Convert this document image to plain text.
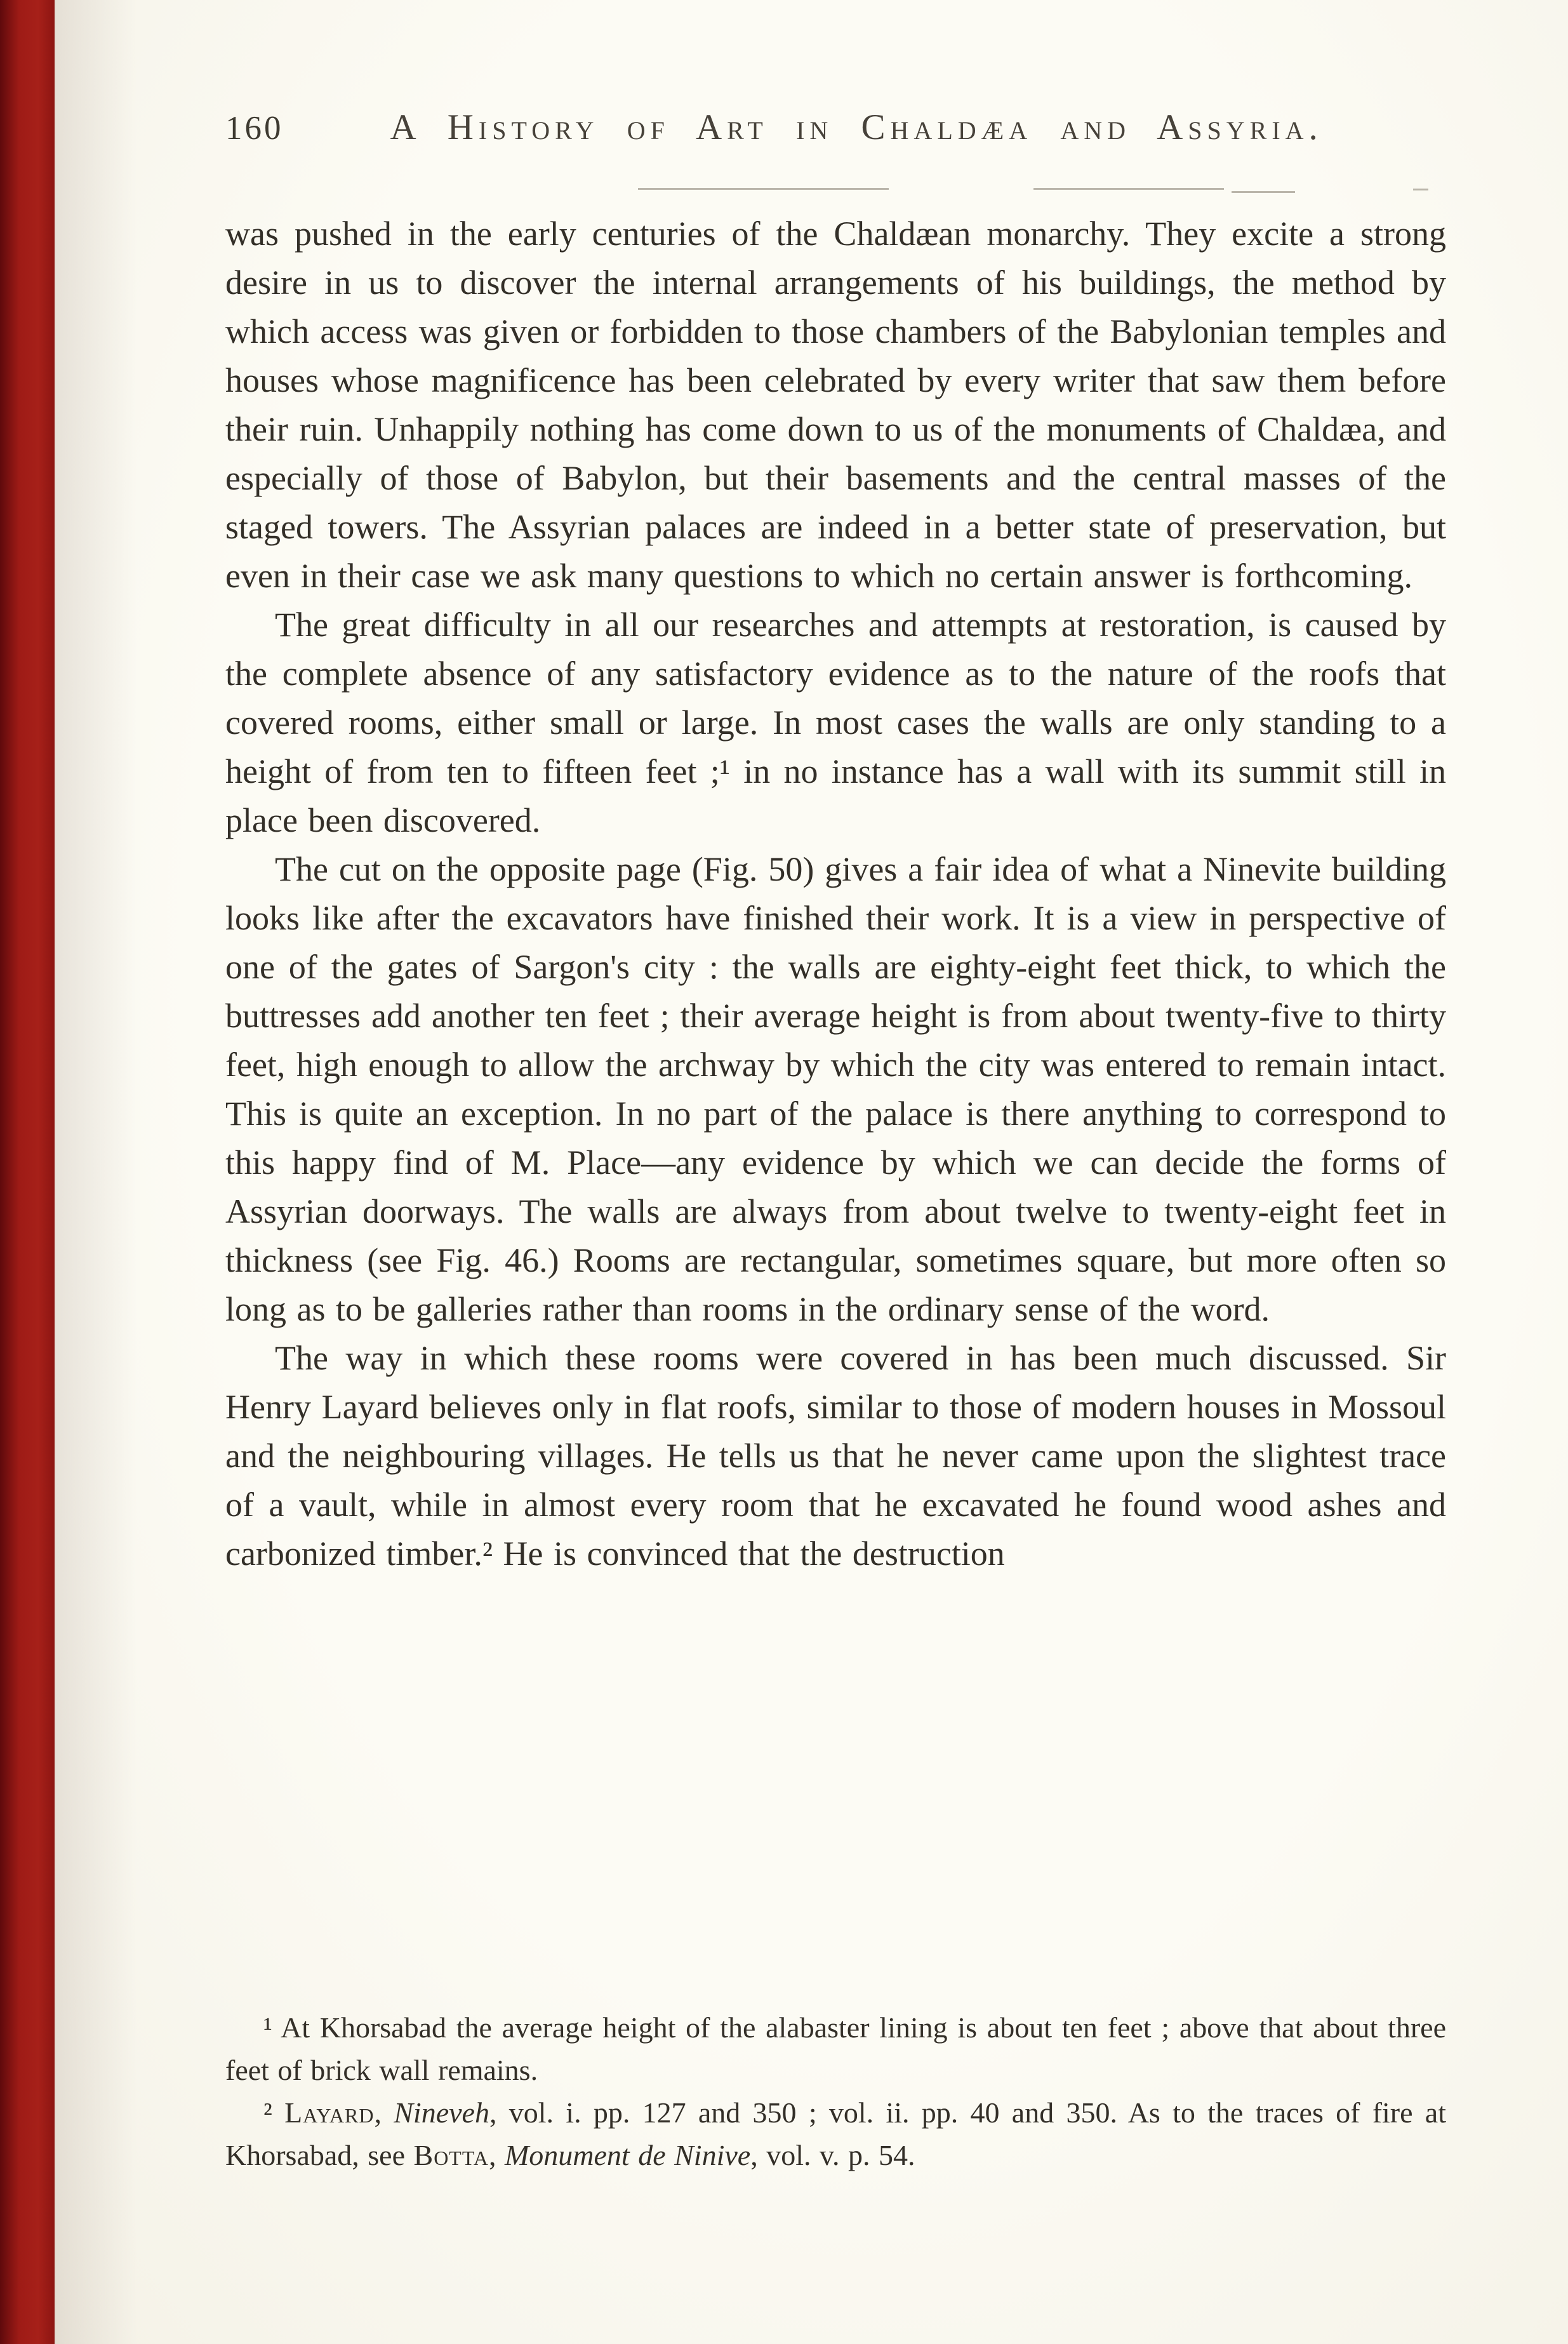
160	A History of Art in Chaldæa and Assyria.

was pushed in the early centuries of the Chaldæan monarchy. They excite a strong desire in us to discover the internal arrangements of his buildings, the method by which access was given or forbidden to those chambers of the Babylonian temples and houses whose magnificence has been celebrated by every writer that saw them before their ruin. Unhappily nothing has come down to us of the monuments of Chaldæa, and especially of those of Babylon, but their basements and the central masses of the staged towers. The Assyrian palaces are indeed in a better state of preservation, but even in their case we ask many questions to which no certain answer is forthcoming.

The great difficulty in all our researches and attempts at restoration, is caused by the complete absence of any satisfactory evidence as to the nature of the roofs that covered rooms, either small or large. In most cases the walls are only standing to a height of from ten to fifteen feet ;¹ in no instance has a wall with its summit still in place been discovered.

The cut on the opposite page (Fig. 50) gives a fair idea of what a Ninevite building looks like after the excavators have finished their work. It is a view in perspective of one of the gates of Sargon's city : the walls are eighty-eight feet thick, to which the buttresses add another ten feet ; their average height is from about twenty-five to thirty feet, high enough to allow the archway by which the city was entered to remain intact. This is quite an exception. In no part of the palace is there anything to correspond to this happy find of M. Place—any evidence by which we can decide the forms of Assyrian doorways. The walls are always from about twelve to twenty-eight feet in thickness (see Fig. 46.) Rooms are rectangular, sometimes square, but more often so long as to be galleries rather than rooms in the ordinary sense of the word.

The way in which these rooms were covered in has been much discussed. Sir Henry Layard believes only in flat roofs, similar to those of modern houses in Mossoul and the neighbouring villages. He tells us that he never came upon the slightest trace of a vault, while in almost every room that he excavated he found wood ashes and carbonized timber.² He is convinced that the destruction

¹ At Khorsabad the average height of the alabaster lining is about ten feet ; above that about three feet of brick wall remains.

² Layard, Nineveh, vol. i. pp. 127 and 350 ; vol. ii. pp. 40 and 350. As to the traces of fire at Khorsabad, see Botta, Monument de Ninive, vol. v. p. 54.
